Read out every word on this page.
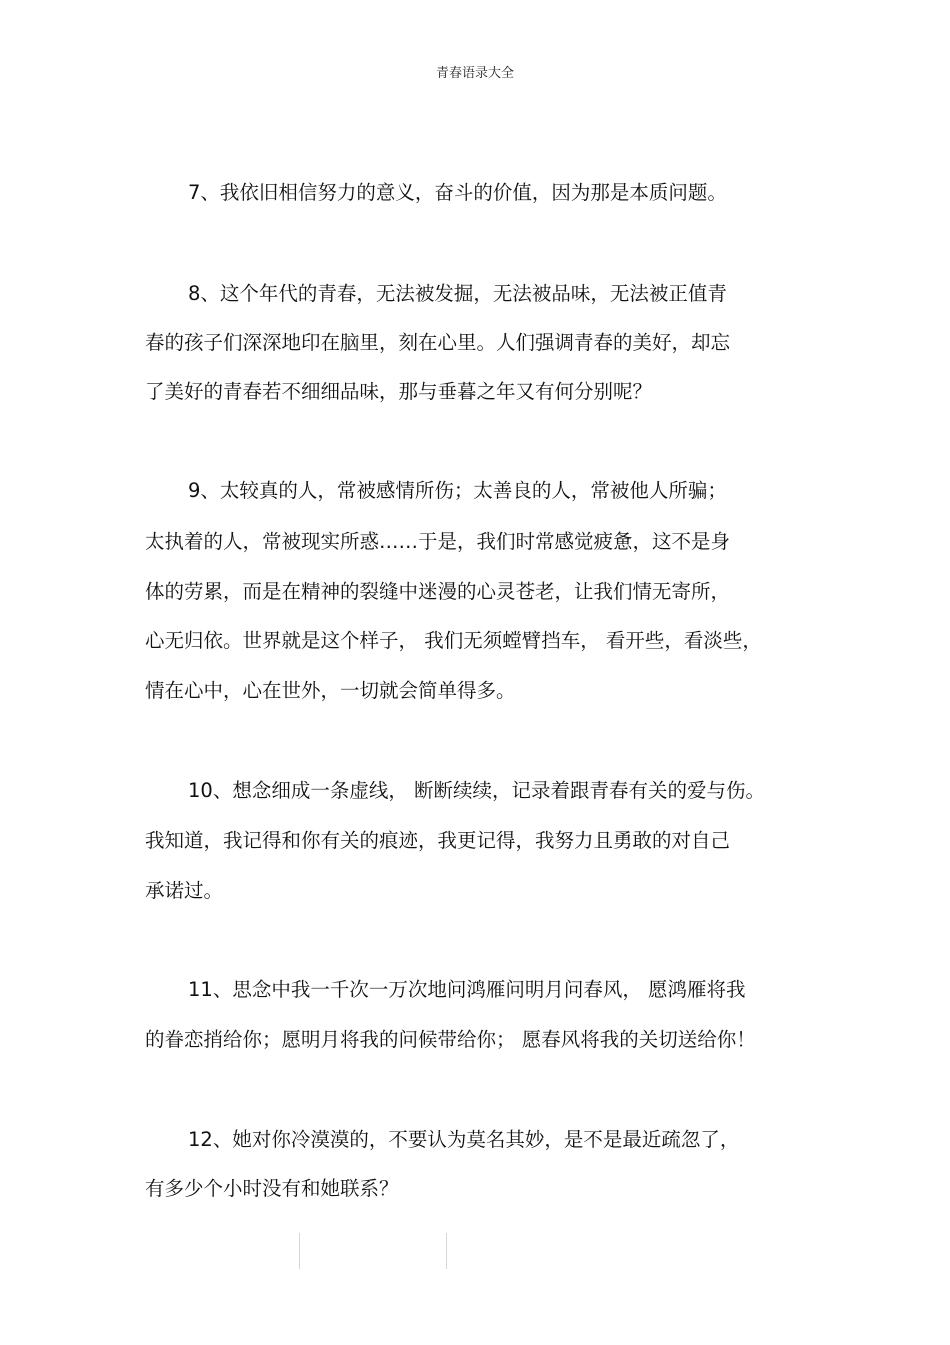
青春语录大全
7、我依旧相信努力的意义，奋斗的价值，因为那是本质问题。
8、这个年代的青春，无法被发掘，无法被品味，无法被正值青
春的孩子们深深地印在脑里，刻在心里。人们强调青春的美好，却忘
了美好的青春若不细细品味，那与垂暮之年又有何分别呢？
9、太较真的人，常被感情所伤；太善良的人，常被他人所骗；
太执着的人，常被现实所惑……于是，我们时常感觉疲惫，这不是身
体的劳累，而是在精神的裂缝中迷漫的心灵苍老，让我们情无寄所，
心无归依。世界就是这个样子， 我们无须螳臂挡车， 看开些，看淡些，
情在心中，心在世外，一切就会简单得多。
10、想念细成一条虚线， 断断续续，记录着跟青春有关的爱与伤。
我知道，我记得和你有关的痕迹，我更记得，我努力且勇敢的对自己
承诺过。
11、思念中我一千次一万次地问鸿雁问明月问春风， 愿鸿雁将我
的眷恋捎给你；愿明月将我的问候带给你； 愿春风将我的关切送给你！
12、她对你冷漠漠的，不要认为莫名其妙，是不是最近疏忽了，
有多少个小时没有和她联系？
